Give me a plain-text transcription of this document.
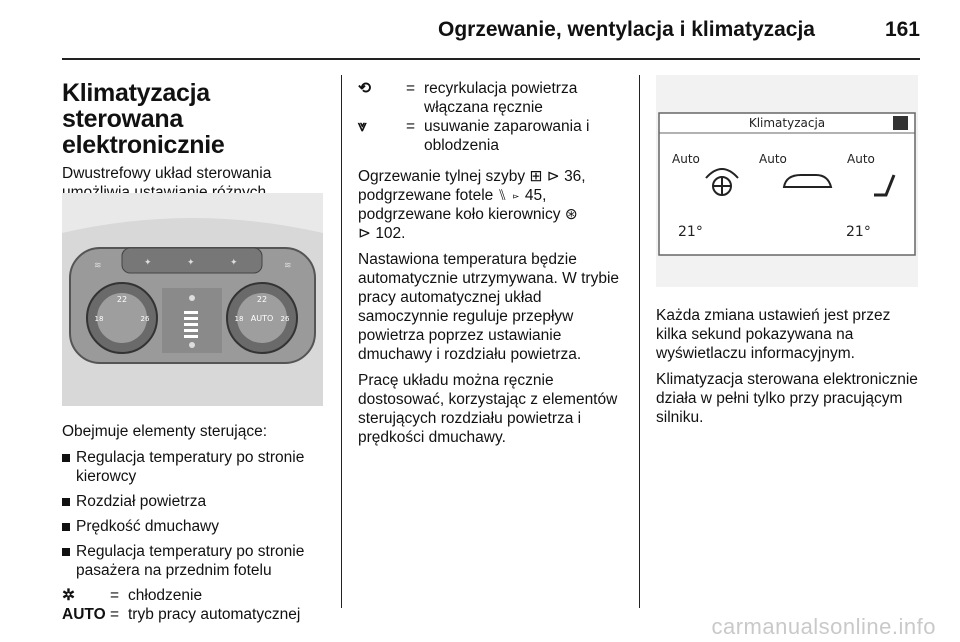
Ogrzewanie, wentylacja i klimatyzacja	161
Klimatyzacja sterowana elektronicznie

Dwustrefowy układ sterowania

✦	✦	✦
≋	≋
22
18	26
22
AUTO
18	26

Obejmuje elementy sterujące:

Regulacja temperatury po stronie kierowcy
Rozdział powietrza
Prędkość dmuchawy
Regulacja temperatury po stronie pasażera na przednim fotelu
✲	= chłodzenie
AUTO = tryb pracy automatycznej
⟲	= recyrkulacja powietrza włączana ręcznie
⩔	= usuwanie zaparowania i oblodzenia

Ogrzewanie tylnej szyby ⊞ ⊳ 36,
podgrzewane fotele ⑊ ⊳ 45,
podgrzewane koło kierownicy ⊛
⊳ 102.

Nastawiona temperatura będzie automatycznie utrzymywana. W trybie pracy automatycznej układ samoczynnie reguluje przepływ powietrza poprzez ustawianie dmuchawy i rozdziału powietrza.

Pracę układu można ręcznie dostosować, korzystając z elementów sterujących rozdziału powietrza i prędkości dmuchawy.

Klimatyzacja
Auto	Auto	Auto
21°	21°

Każda zmiana ustawień jest przez kilka sekund pokazywana na wyświetlaczu informacyjnym.

Klimatyzacja sterowana elektronicznie działa w pełni tylko przy pracującym silniku.

carmanualsonline.info
